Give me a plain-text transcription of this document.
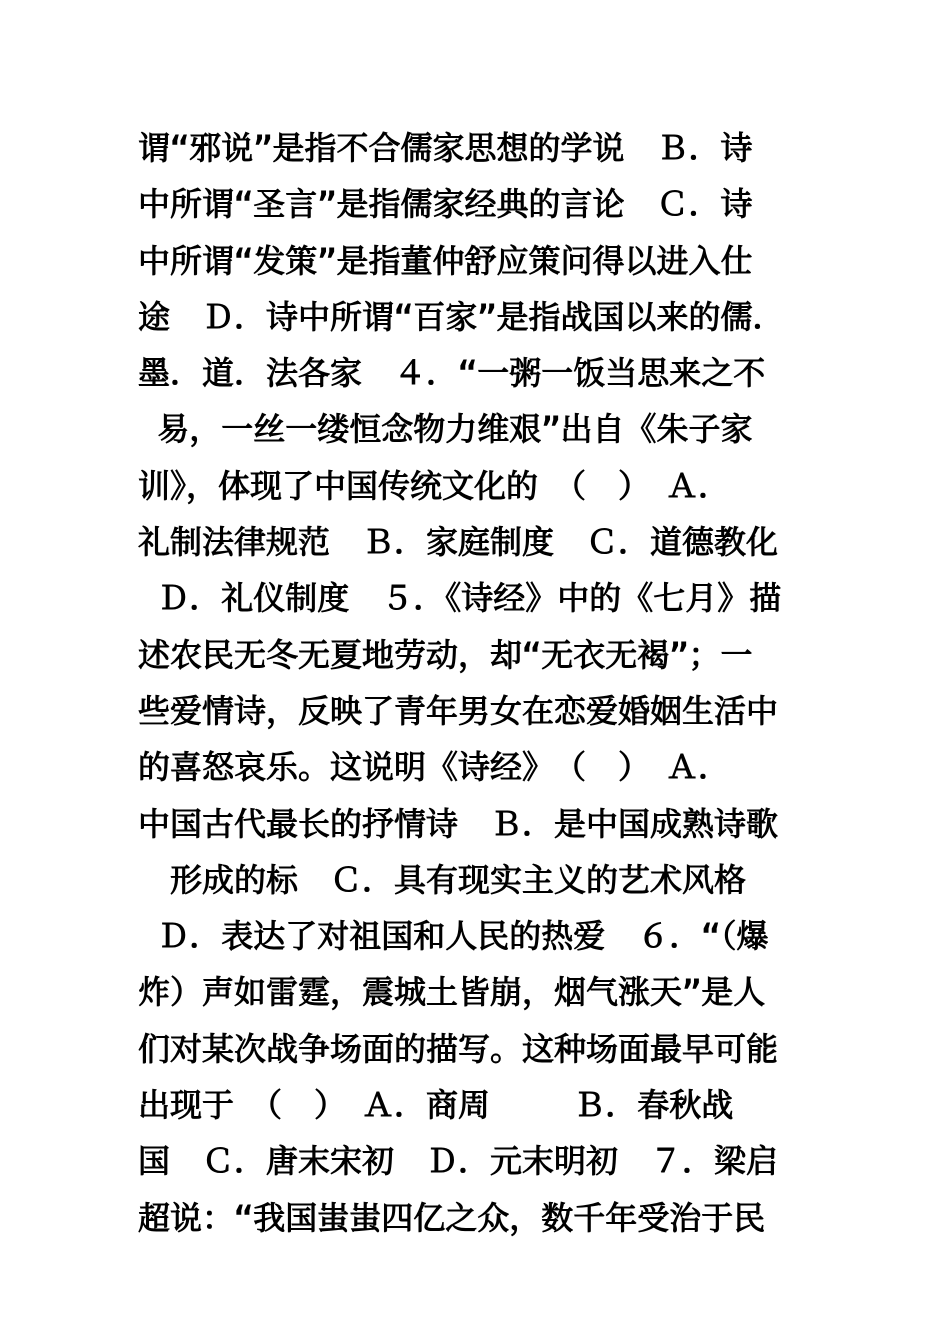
谓“邪说”是指不合儒家思想的学说　Ｂ．诗
中所谓“圣言”是指儒家经典的言论　Ｃ．诗
中所谓“发策”是指董仲舒应策问得以进入仕
途　Ｄ．诗中所谓“百家”是指战国以来的儒．
墨．道．法各家　４．“一粥一饭当思来之不
易，一丝一缕恒念物力维艰”出自《朱子家
训》，体现了中国传统文化的　（　）　Ａ．
礼制法律规范　Ｂ．家庭制度　Ｃ．道德教化
Ｄ．礼仪制度　５．《诗经》中的《七月》描
述农民无冬无夏地劳动，却“无衣无褐”；一
些爱情诗，反映了青年男女在恋爱婚姻生活中
的喜怒哀乐。这说明《诗经》　（　）　Ａ．
中国古代最长的抒情诗　Ｂ．是中国成熟诗歌
　形成的标　Ｃ．具有现实主义的艺术风格
Ｄ．表达了对祖国和人民的热爱　６．“（爆
炸）声如雷霆，震城土皆崩，烟气涨天”是人
们对某次战争场面的描写。这种场面最早可能
出现于　（　）　Ａ．商周　　 Ｂ．春秋战
国　Ｃ．唐末宋初　Ｄ．元末明初　７．梁启
超说：“我国蚩蚩四亿之众，数千年受治于民
